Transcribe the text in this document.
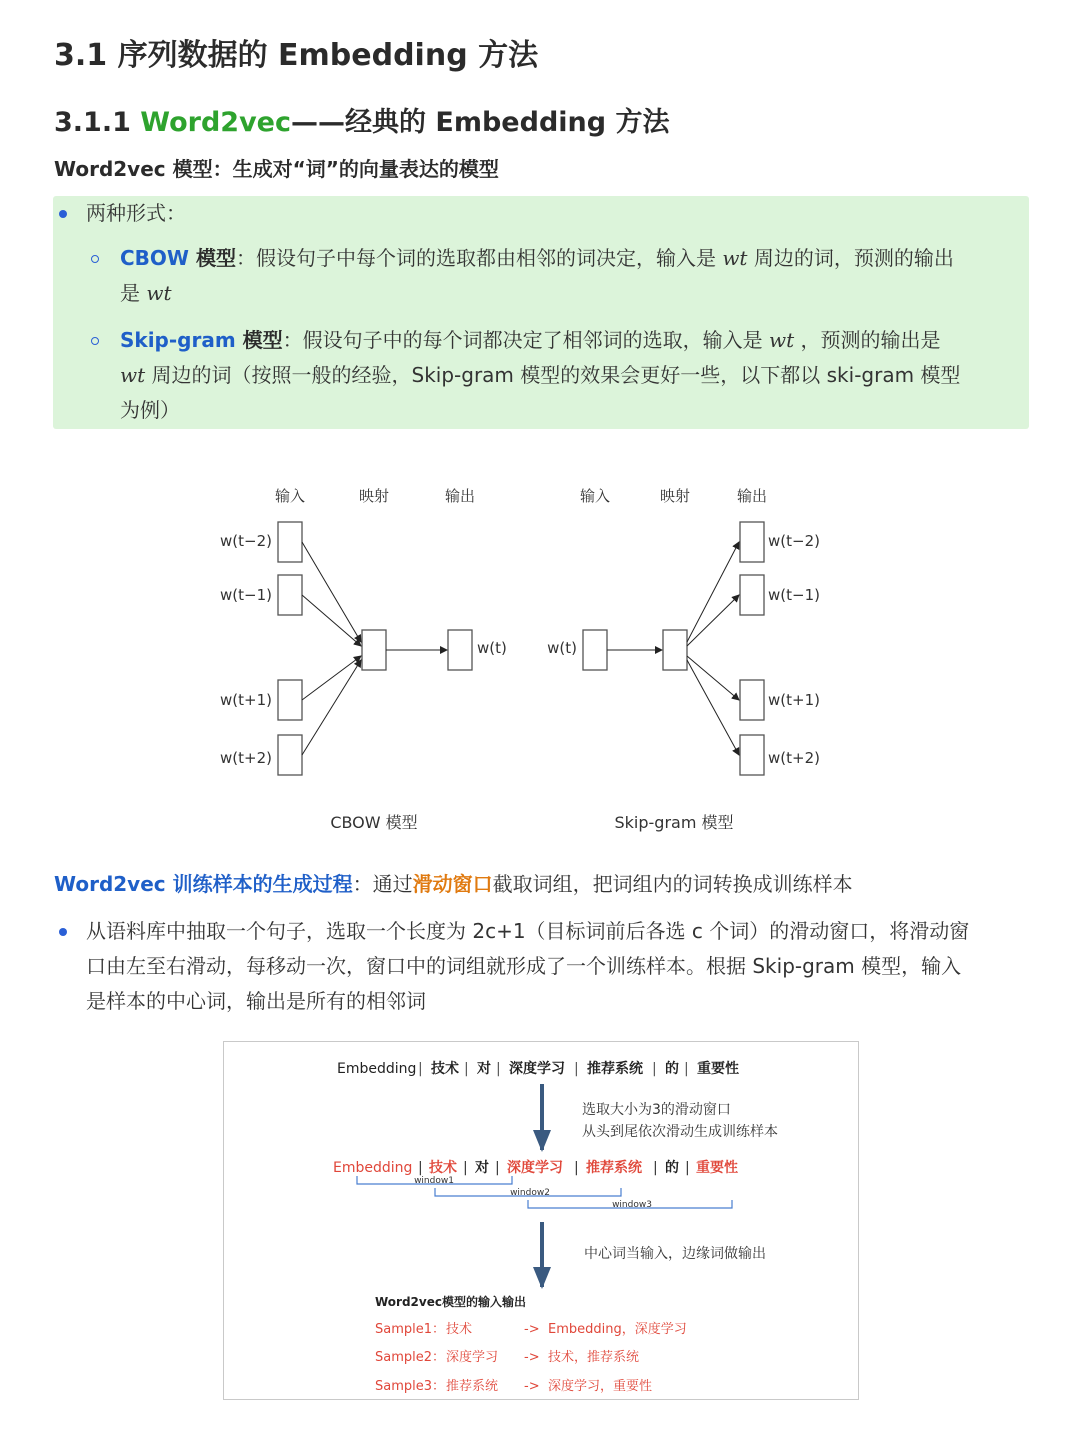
3.1 序列数据的 Embedding 方法
3.1.1 Word2vec——经典的 Embedding 方法
Word2vec 模型：生成对“词”的向量表达的模型
两种形式：
CBOW 模型：假设句子中每个词的选取都由相邻的词决定，输入是 wt 周边的词，预测的输出
是 wt
Skip-gram 模型：假设句子中的每个词都决定了相邻词的选取，输入是 wt ，预测的输出是
wt 周边的词（按照一般的经验，Skip-gram 模型的效果会更好一些，以下都以 ski-gram 模型
为例）
输入	映射	输出	输入	映射	输出
w(t−2)
w(t−1)
w(t+1)
w(t+2)
w(t)	w(t)
w(t−2)
w(t−1)
w(t+1)
w(t+2)
CBOW 模型	Skip-gram 模型
Word2vec 训练样本的生成过程：通过滑动窗口截取词组，把词组内的词转换成训练样本
从语料库中抽取一个句子，选取一个长度为 2c+1（目标词前后各选 c 个词）的滑动窗口，将滑动窗
口由左至右滑动，每移动一次，窗口中的词组就形成了一个训练样本。根据 Skip-gram 模型，输入
是样本的中心词，输出是所有的相邻词
Embedding | 技术 | 对 | 深度学习 | 推荐系统 | 的 | 重要性
选取大小为3的滑动窗口
从头到尾依次滑动生成训练样本
Embedding | 技术 | 对 | 深度学习 | 推荐系统 | 的 | 重要性
window1
window2
window3
中心词当输入，边缘词做输出
Word2vec模型的输入输出
Sample1： 技术	-> Embedding，深度学习
Sample2： 深度学习 -> 技术，推荐系统
Sample3： 推荐系统 -> 深度学习，重要性
